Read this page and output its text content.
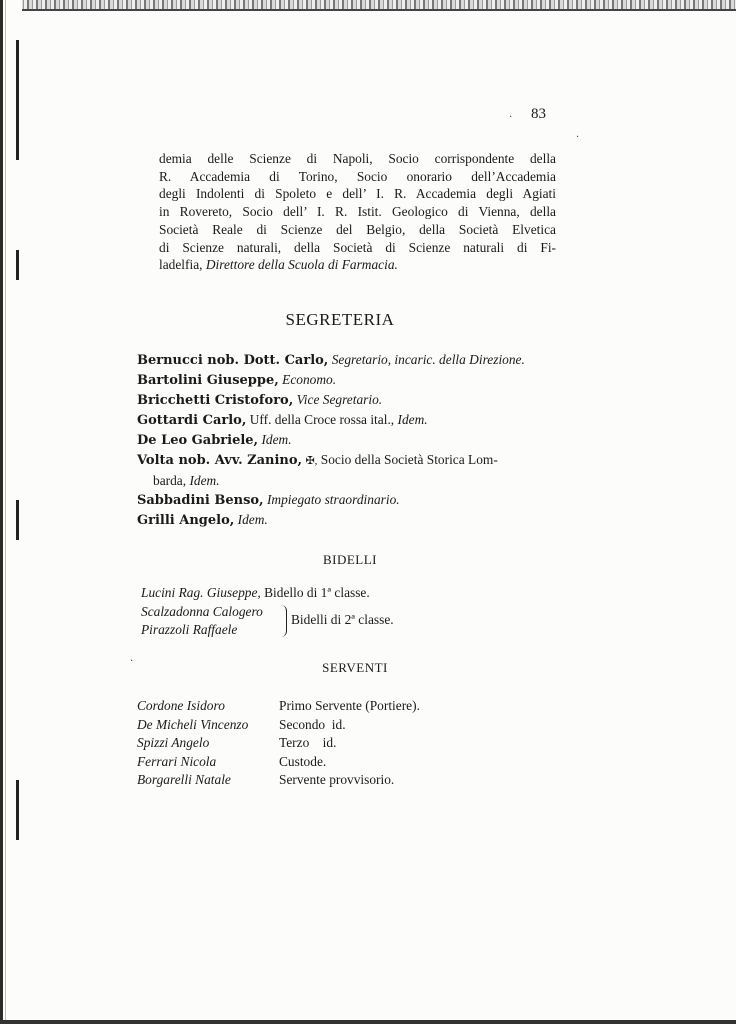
83
·
·
·

demia delle Scienze di Napoli, Socio corrispondente della
R. Accademia di Torino, Socio onorario dell’Accademia
degli Indolenti di Spoleto e dell’ I. R. Accademia degli Agiati
in Rovereto, Socio dell’ I. R. Istit. Geologico di Vienna, della
Società Reale di Scienze del Belgio, della Società Elvetica
di Scienze naturali, della Società di Scienze naturali di Fi-
ladelfia, Direttore della Scuola di Farmacia.

SEGRETERIA
Bernucci nob. Dott. Carlo, Segretario, incaric. della Direzione.
Bartolini Giuseppe, Economo.
Bricchetti Cristoforo, Vice Segretario.
Gottardi Carlo, Uff. della Croce rossa ital., Idem.
De Leo Gabriele, Idem.
Volta nob. Avv. Zanino, ✠, Socio della Società Storica Lom-
barda, Idem.
Sabbadini Benso, Impiegato straordinario.
Grilli Angelo, Idem.
BIDELLI
Lucini Rag. Giuseppe, Bidello di 1ª classe.
Scalzadonna Calogero
Pirazzoli Raffaele
Bidelli di 2ª classe.
SERVENTI
Cordone Isidoro	Primo Servente (Portiere).
De Micheli Vincenzo	Secondo  id.
Spizzi Angelo	Terzo    id.
Ferrari Nicola	Custode.
Borgarelli Natale	Servente provvisorio.
